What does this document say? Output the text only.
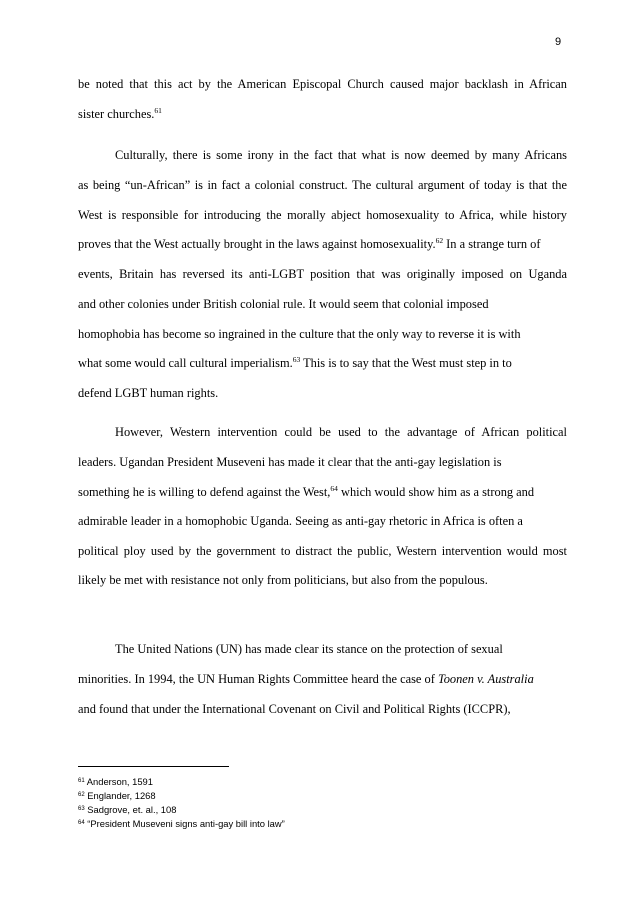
9
be noted that this act by the American Episcopal Church caused major backlash in African
sister churches.$^{61}$
Culturally, there is some irony in the fact that what is now deemed by many Africans
as being “un-African” is in fact a colonial construct. The cultural argument of today is that the
West is responsible for introducing the morally abject homosexuality to Africa, while history
proves that the West actually brought in the laws against homosexuality.$^{62}$ In a strange turn of
events, Britain has reversed its anti-LGBT position that was originally imposed on Uganda
and other colonies under British colonial rule. It would seem that colonial imposed
homophobia has become so ingrained in the culture that the only way to reverse it is with
what some would call cultural imperialism.$^{63}$ This is to say that the West must step in to
defend LGBT human rights.
However, Western intervention could be used to the advantage of African political
leaders. Ugandan President Museveni has made it clear that the anti-gay legislation is
something he is willing to defend against the West,$^{64}$ which would show him as a strong and
admirable leader in a homophobic Uganda. Seeing as anti-gay rhetoric in Africa is often a
political ploy used by the government to distract the public, Western intervention would most
likely be met with resistance not only from politicians, but also from the populous.
The United Nations (UN) has made clear its stance on the protection of sexual
minorities. In 1994, the UN Human Rights Committee heard the case of Toonen v. Australia
and found that under the International Covenant on Civil and Political Rights (ICCPR),
$^{61}$ Anderson, 1591
$^{62}$ Englander, 1268
$^{63}$ Sadgrove, et. al., 108
$^{64}$ “President Museveni signs anti-gay bill into law”
